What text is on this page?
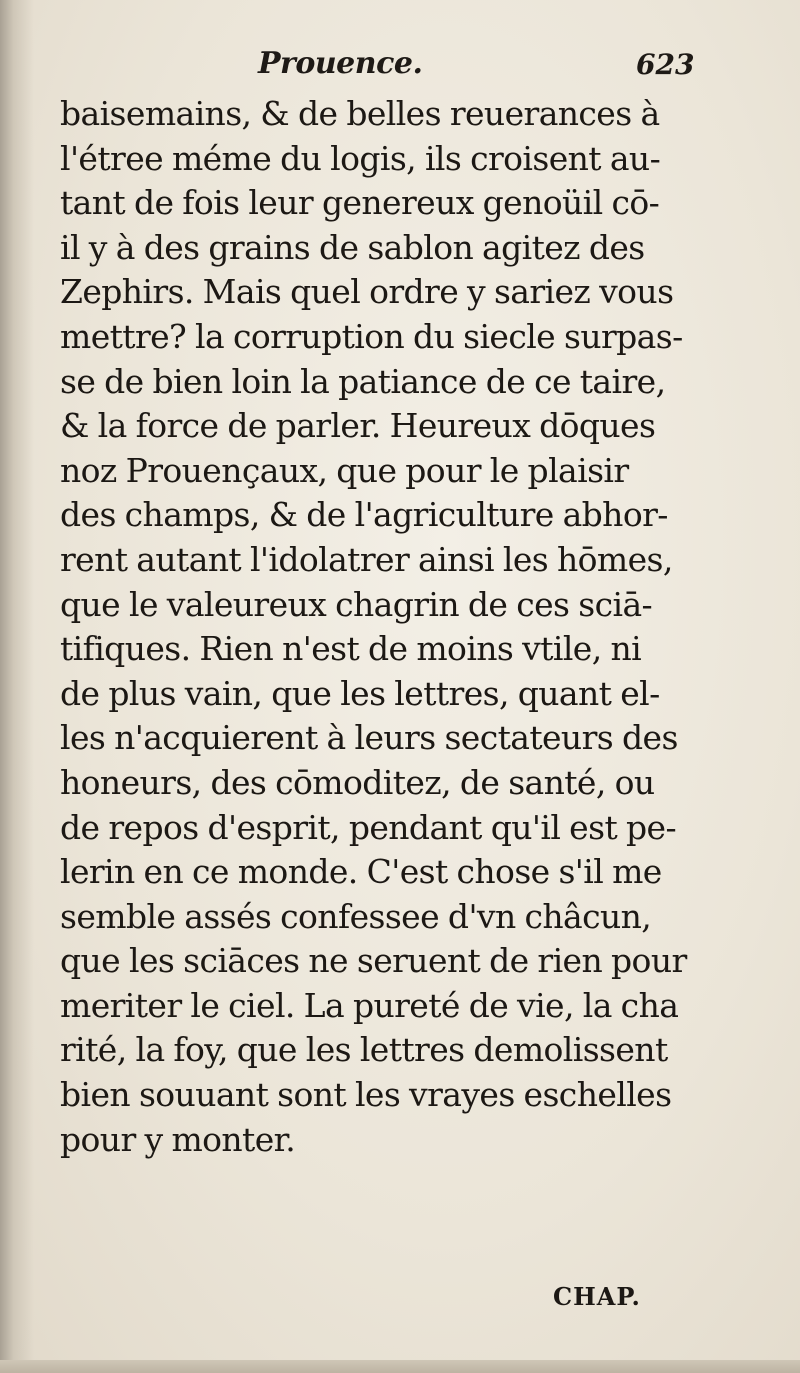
Prouence.	623
baisemains, & de belles reuerances à
l'étree méme du logis, ils croisent au-
tant de fois leur genereux genoüil cō-
il y à des grains de sablon agitez des
Zephirs. Mais quel ordre y sariez vous
mettre? la corruption du siecle surpas-
se de bien loin la patiance de ce taire,
& la force de parler. Heureux dōques
noz Prouençaux, que pour le plaisir
des champs, & de l'agriculture abhor-
rent autant l'idolatrer ainsi les hōmes,
que le valeureux chagrin de ces sciā-
tifiques. Rien n'est de moins vtile, ni
de plus vain, que les lettres, quant el-
les n'acquierent à leurs sectateurs des
honeurs, des cōmoditez, de santé, ou
de repos d'esprit, pendant qu'il est pe-
lerin en ce monde. C'est chose s'il me
semble assés confessee d'vn châcun,
que les sciāces ne seruent de rien pour
meriter le ciel. La pureté de vie, la cha
rité, la foy, que les lettres demolissent
bien souuant sont les vrayes eschelles
pour y monter.
CHAP.
